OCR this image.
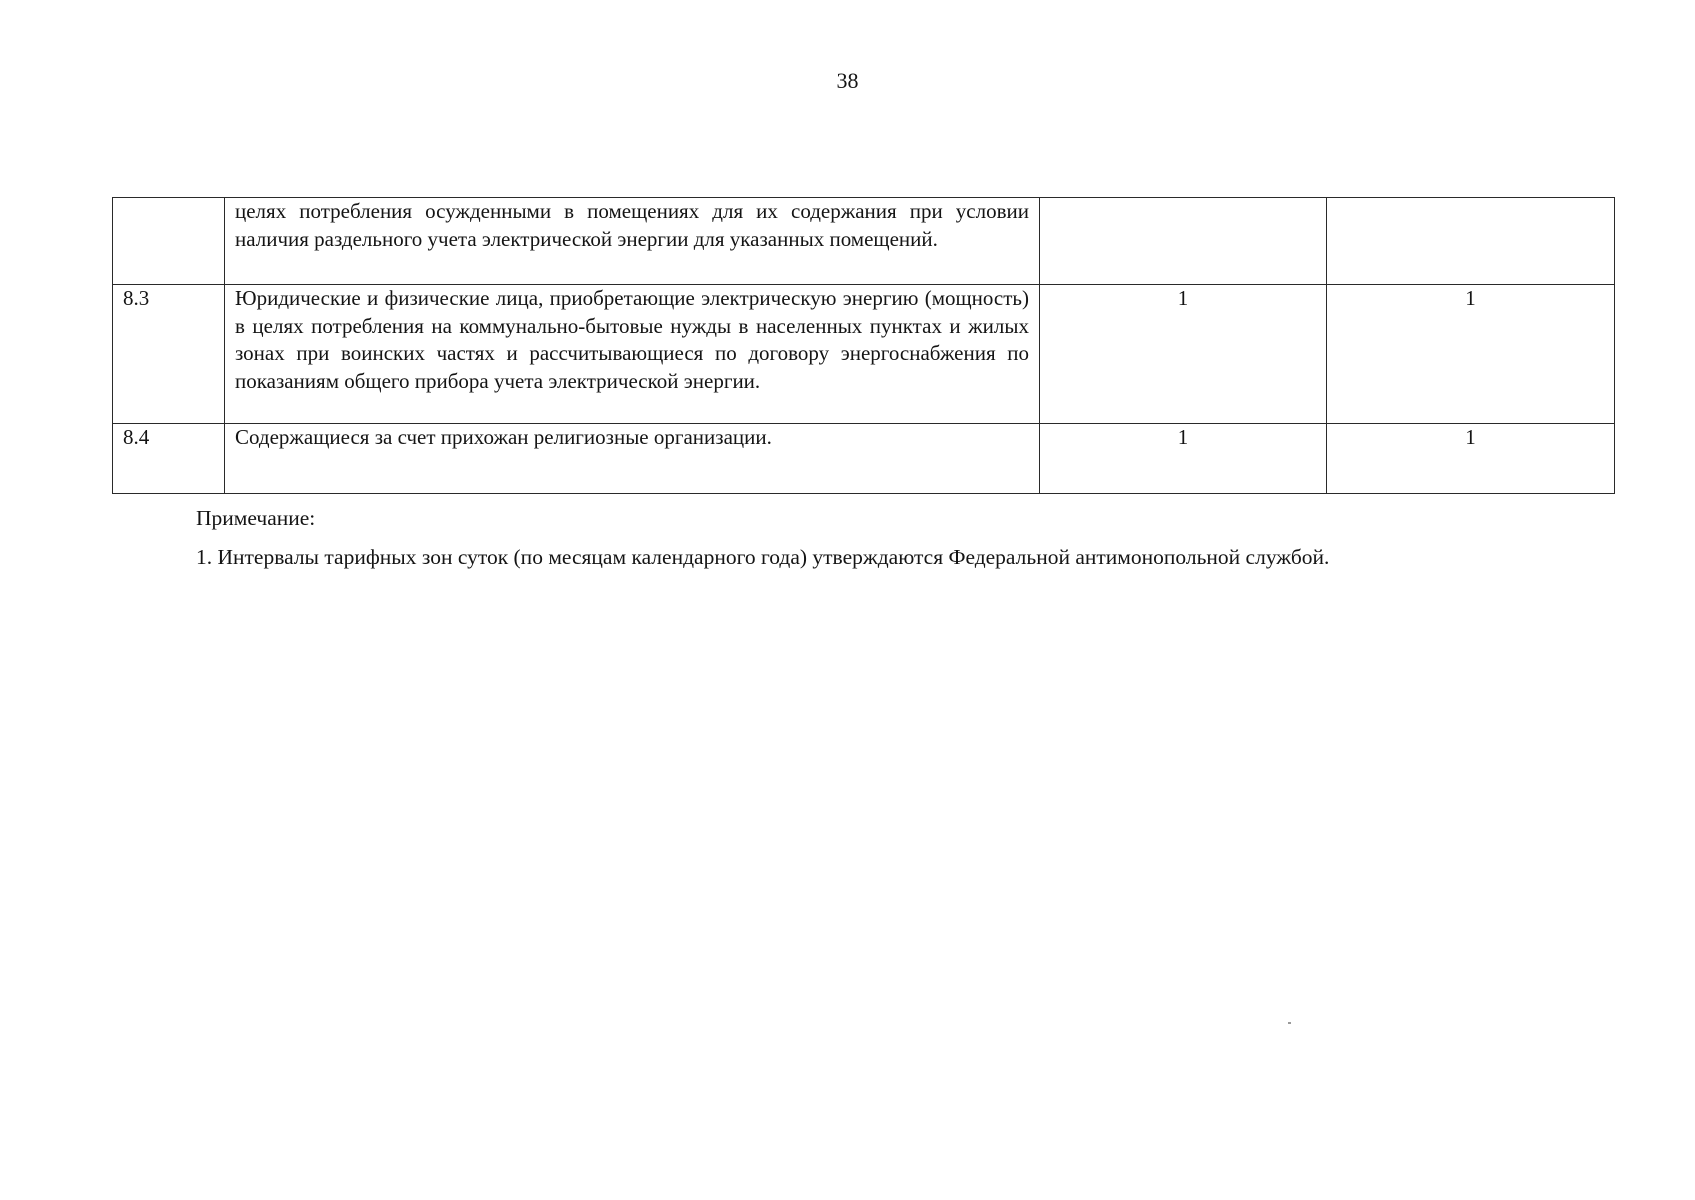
38
	целях потребления осужденными в помещениях для их содержания при условии наличия раздельного учета электрической энергии для указанных помещений.		
8.3	Юридические и физические лица, приобретающие электрическую энергию (мощность) в целях потребления на коммунально-бытовые нужды в населенных пунктах и жилых зонах при воинских частях и рассчитывающиеся по договору энергоснабжения по показаниям общего прибора учета электрической энергии.	1	1
8.4	Содержащиеся за счет прихожан религиозные организации.	1	1

Примечание:

1. Интервалы тарифных зон суток (по месяцам календарного года) утверждаются Федеральной антимонопольной службой.
